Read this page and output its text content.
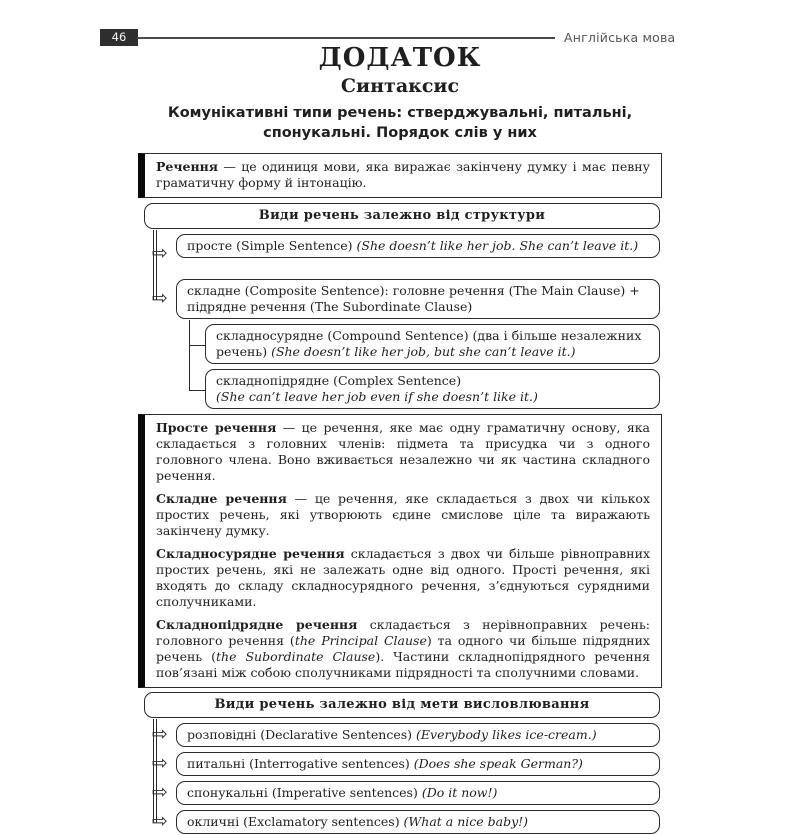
46	Англійська мова
ДОДАТОК
Синтаксис
Комунікативні типи речень: стверджувальні, питальні,
спонукальні. Порядок слів у них
Речення — це одиниця мови, яка виражає закінчену думку і має певну граматичну форму й інтонацію.
Види речень залежно від структури
⇨
⇨
просте (Simple Sentence) (She doesn’t like her job. She can’t leave it.)
складне (Composite Sentence): головне речення (The Main Clause) + підрядне речення (The Subordinate Clause)
складносурядне (Compound Sentence) (два і більше незалежних речень) (She doesn’t like her job, but she can’t leave it.)
складнопідрядне (Complex Sentence)
(She can’t leave her job even if she doesn’t like it.)

Просте речення — це речення, яке має одну граматичну основу, яка складається з головних членів: підмета та присудка чи з одного головного члена. Воно вживається незалежно чи як частина складного речення.

Складне речення — це речення, яке складається з двох чи кількох простих речень, які утворюють єдине смислове ціле та виражають закінчену думку.

Складносурядне речення складається з двох чи більше рівноправних простих речень, які не залежать одне від одного. Прості речення, які входять до складу складносурядного речення, з’єднуються сурядними сполучниками.

Складнопідрядне речення складається з нерівноправних речень: головного речення (the Principal Clause) та одного чи більше підрядних речень (the Subordinate Clause). Частини складнопідрядного речення пов’язані між собою сполучниками підрядності та сполучними словами.

Види речень залежно від мети висловлювання
⇨
⇨
⇨
⇨
розповідні (Declarative Sentences) (Everybody likes ice-cream.)
питальні (Interrogative sentences) (Does she speak German?)
спонукальні (Imperative sentences) (Do it now!)
окличні (Exclamatory sentences) (What a nice baby!)
